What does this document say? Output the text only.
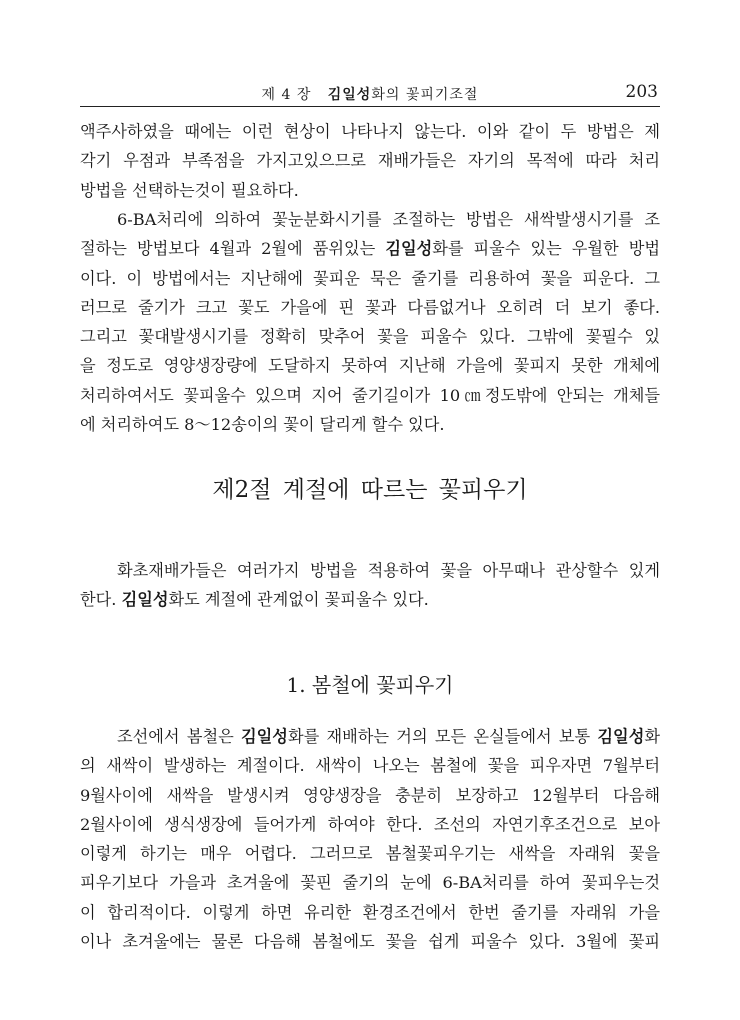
제 4 장 김일성화의 꽃피기조절	203
액주사하였을 때에는 이런 현상이 나타나지 않는다. 이와 같이 두 방법은 제
각기 우점과 부족점을 가지고있으므로 재배가들은 자기의 목적에 따라 처리
방법을 선택하는것이 필요하다.
6-BA처리에 의하여 꽃눈분화시기를 조절하는 방법은 새싹발생시기를 조
절하는 방법보다 4월과 2월에 품위있는 김일성화를 피울수 있는 우월한 방법
이다. 이 방법에서는 지난해에 꽃피운 묵은 줄기를 리용하여 꽃을 피운다. 그
러므로 줄기가 크고 꽃도 가을에 핀 꽃과 다름없거나 오히려 더 보기 좋다.
그리고 꽃대발생시기를 정확히 맞추어 꽃을 피울수 있다. 그밖에 꽃필수 있
을 정도로 영양생장량에 도달하지 못하여 지난해 가을에 꽃피지 못한 개체에
처리하여서도 꽃피울수 있으며 지어 줄기길이가 10㎝정도밖에 안되는 개체들
에 처리하여도 8～12송이의 꽃이 달리게 할수 있다.
제2절 계절에 따르는 꽃피우기
화초재배가들은 여러가지 방법을 적용하여 꽃을 아무때나 관상할수 있게
한다. 김일성화도 계절에 관계없이 꽃피울수 있다.
1. 봄철에 꽃피우기
조선에서 봄철은 김일성화를 재배하는 거의 모든 온실들에서 보통 김일성화
의 새싹이 발생하는 계절이다. 새싹이 나오는 봄철에 꽃을 피우자면 7월부터
9월사이에 새싹을 발생시켜 영양생장을 충분히 보장하고 12월부터 다음해
2월사이에 생식생장에 들어가게 하여야 한다. 조선의 자연기후조건으로 보아
이렇게 하기는 매우 어렵다. 그러므로 봄철꽃피우기는 새싹을 자래워 꽃을
피우기보다 가을과 초겨울에 꽃핀 줄기의 눈에 6-BA처리를 하여 꽃피우는것
이 합리적이다. 이렇게 하면 유리한 환경조건에서 한번 줄기를 자래워 가을
이나 초겨울에는 물론 다음해 봄철에도 꽃을 쉽게 피울수 있다. 3월에 꽃피
